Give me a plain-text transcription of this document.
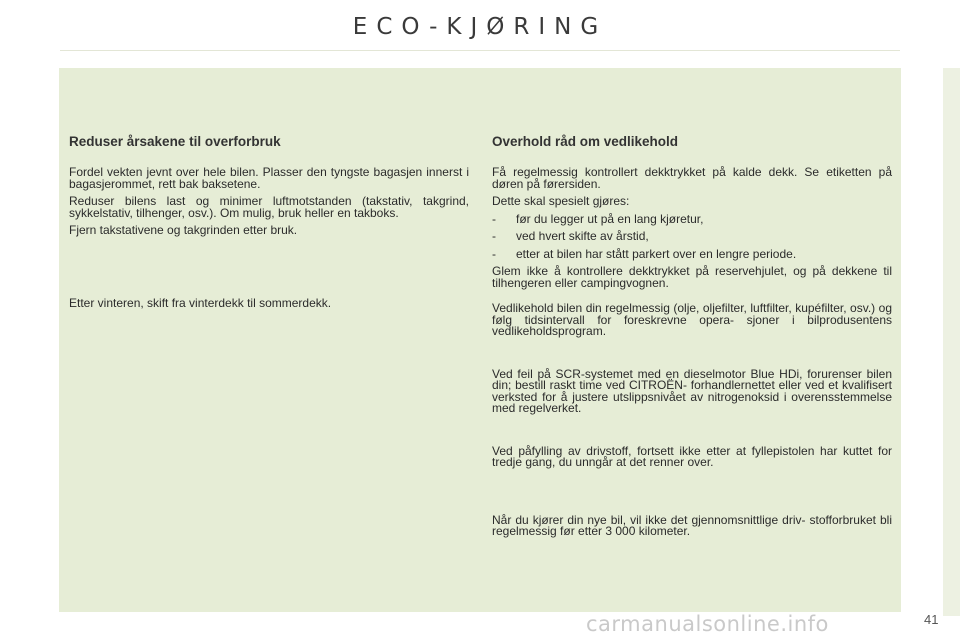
ECO-KJØRING
Reduser årsakene til overforbruk

Fordel vekten jevnt over hele bilen. Plasser den tyngste bagasjen innerst i bagasjerommet, rett bak baksetene.

Reduser bilens last og minimer luftmotstanden (takstativ, takgrind, sykkelstativ, tilhenger, osv.). Om mulig, bruk heller en takboks.

Fjern takstativene og takgrinden etter bruk.

Etter vinteren, skift fra vinterdekk til sommerdekk.

Overhold råd om vedlikehold

Få regelmessig kontrollert dekktrykket på kalde dekk. Se etiketten på døren på førersiden.

Dette skal spesielt gjøres:

-	før du legger ut på en lang kjøretur,
-	ved hvert skifte av årstid,
-	etter at bilen har stått parkert over en lengre periode.

Glem ikke å kontrollere dekktrykket på reservehjulet, og på dekkene til tilhengeren eller campingvognen.

Vedlikehold bilen din regelmessig (olje, oljefilter, luftfilter, kupéfilter, osv.) og følg tidsintervall for foreskrevne opera- sjoner i bilprodusentens vedlikeholdsprogram.

Ved feil på SCR-systemet med en dieselmotor Blue HDi, forurenser bilen din; bestill raskt time ved CITROËN- forhandlernettet eller ved et kvalifisert verksted for å justere utslippsnivået av nitrogenoksid i overensstemmelse med regelverket.

Ved påfylling av drivstoff, fortsett ikke etter at fyllepistolen har kuttet for tredje gang, du unngår at det renner over.

Når du kjører din nye bil, vil ikke det gjennomsnittlige driv- stofforbruket bli regelmessig før etter 3 000 kilometer.

carmanualsonline.info	41
